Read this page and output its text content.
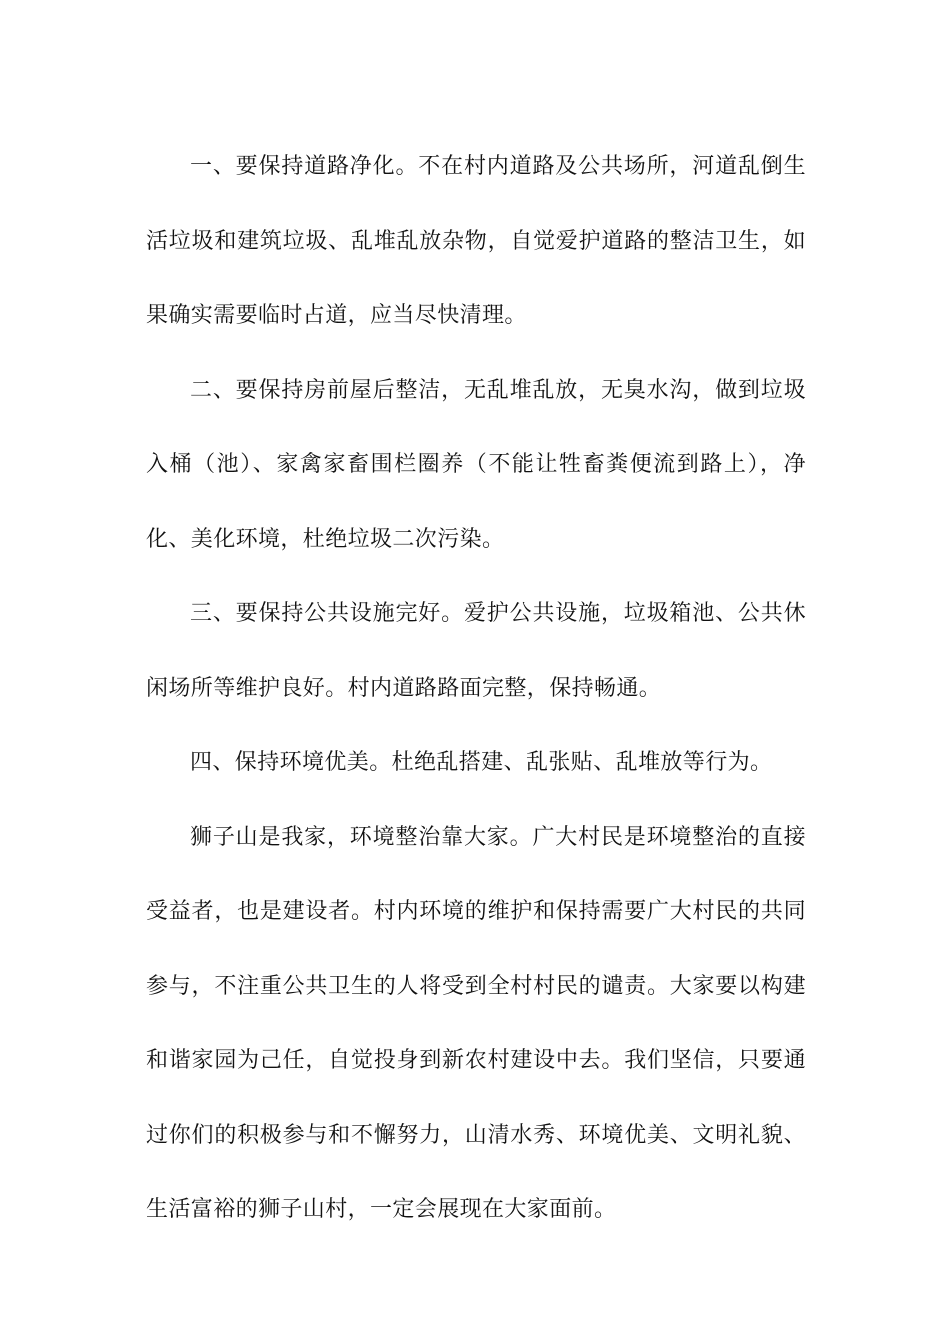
一、要保持道路净化。不在村内道路及公共场所，河道乱倒生活垃圾和建筑垃圾、乱堆乱放杂物，自觉爱护道路的整洁卫生，如果确实需要临时占道，应当尽快清理。

二、要保持房前屋后整洁，无乱堆乱放，无臭水沟，做到垃圾入桶（池）、家禽家畜围栏圈养（不能让牲畜粪便流到路上），净化、美化环境，杜绝垃圾二次污染。

三、要保持公共设施完好。爱护公共设施，垃圾箱池、公共休闲场所等维护良好。村内道路路面完整，保持畅通。

四、保持环境优美。杜绝乱搭建、乱张贴、乱堆放等行为。

狮子山是我家，环境整治靠大家。广大村民是环境整治的直接受益者，也是建设者。村内环境的维护和保持需要广大村民的共同参与，不注重公共卫生的人将受到全村村民的谴责。大家要以构建和谐家园为己任，自觉投身到新农村建设中去。我们坚信，只要通过你们的积极参与和不懈努力，山清水秀、环境优美、文明礼貌、生活富裕的狮子山村，一定会展现在大家面前。
